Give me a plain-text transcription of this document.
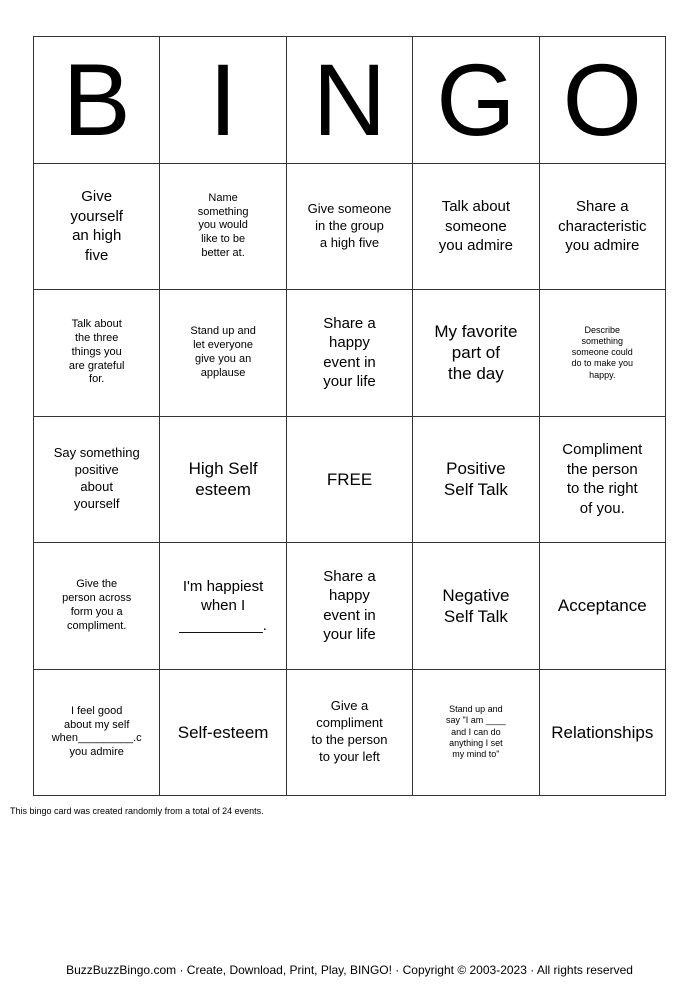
B I N G O
Give
yourself
an high
five
Name
something
you would
like to be
better at.
Give someone
in the group
a high five
Talk about
someone
you admire
Share a
characteristic
you admire
Talk about
the three
things you
are grateful
for.
Stand up and
let everyone
give you an
applause
Share a
happy
event in
your life
My favorite
part of
the day
Describe
something
someone could
do to make you
happy.
Say something
positive
about
yourself
High Self
esteem
FREE
Positive
Self Talk
Compliment
the person
to the right
of you.
Give the
person across
form you a
compliment.
I'm happiest
when I
__________.
Share a
happy
event in
your life
Negative
Self Talk
Acceptance
I feel good
about my self
when_________.c
you admire
Self-esteem
Give a
compliment
to the person
to your left
Stand up and
say "I am ____
and I can do
anything I set
my mind to"
Relationships
This bingo card was created randomly from a total of 24 events.
BuzzBuzzBingo.com · Create, Download, Print, Play, BINGO! · Copyright © 2003-2023 · All rights reserved
